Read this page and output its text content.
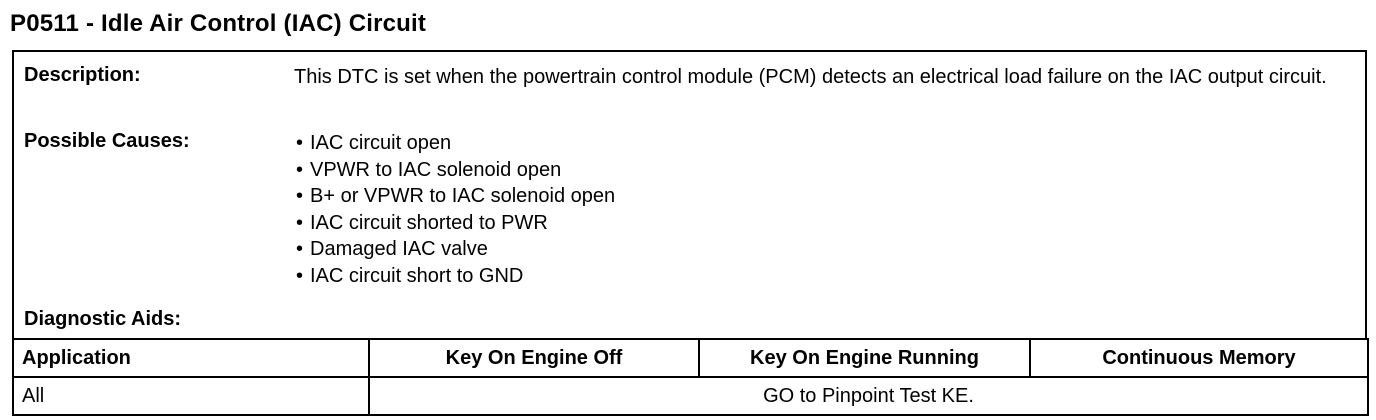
P0511 - Idle Air Control (IAC) Circuit
Description:	This DTC is set when the powertrain control module (PCM) detects an electrical load failure on the IAC output circuit.
Possible Causes:	• IAC circuit open
• VPWR to IAC solenoid open
• B+ or VPWR to IAC solenoid open
• IAC circuit shorted to PWR
• Damaged IAC valve
• IAC circuit short to GND
Diagnostic Aids:
Application	Key On Engine Off	Key On Engine Running	Continuous Memory
All	GO to Pinpoint Test KE.		
